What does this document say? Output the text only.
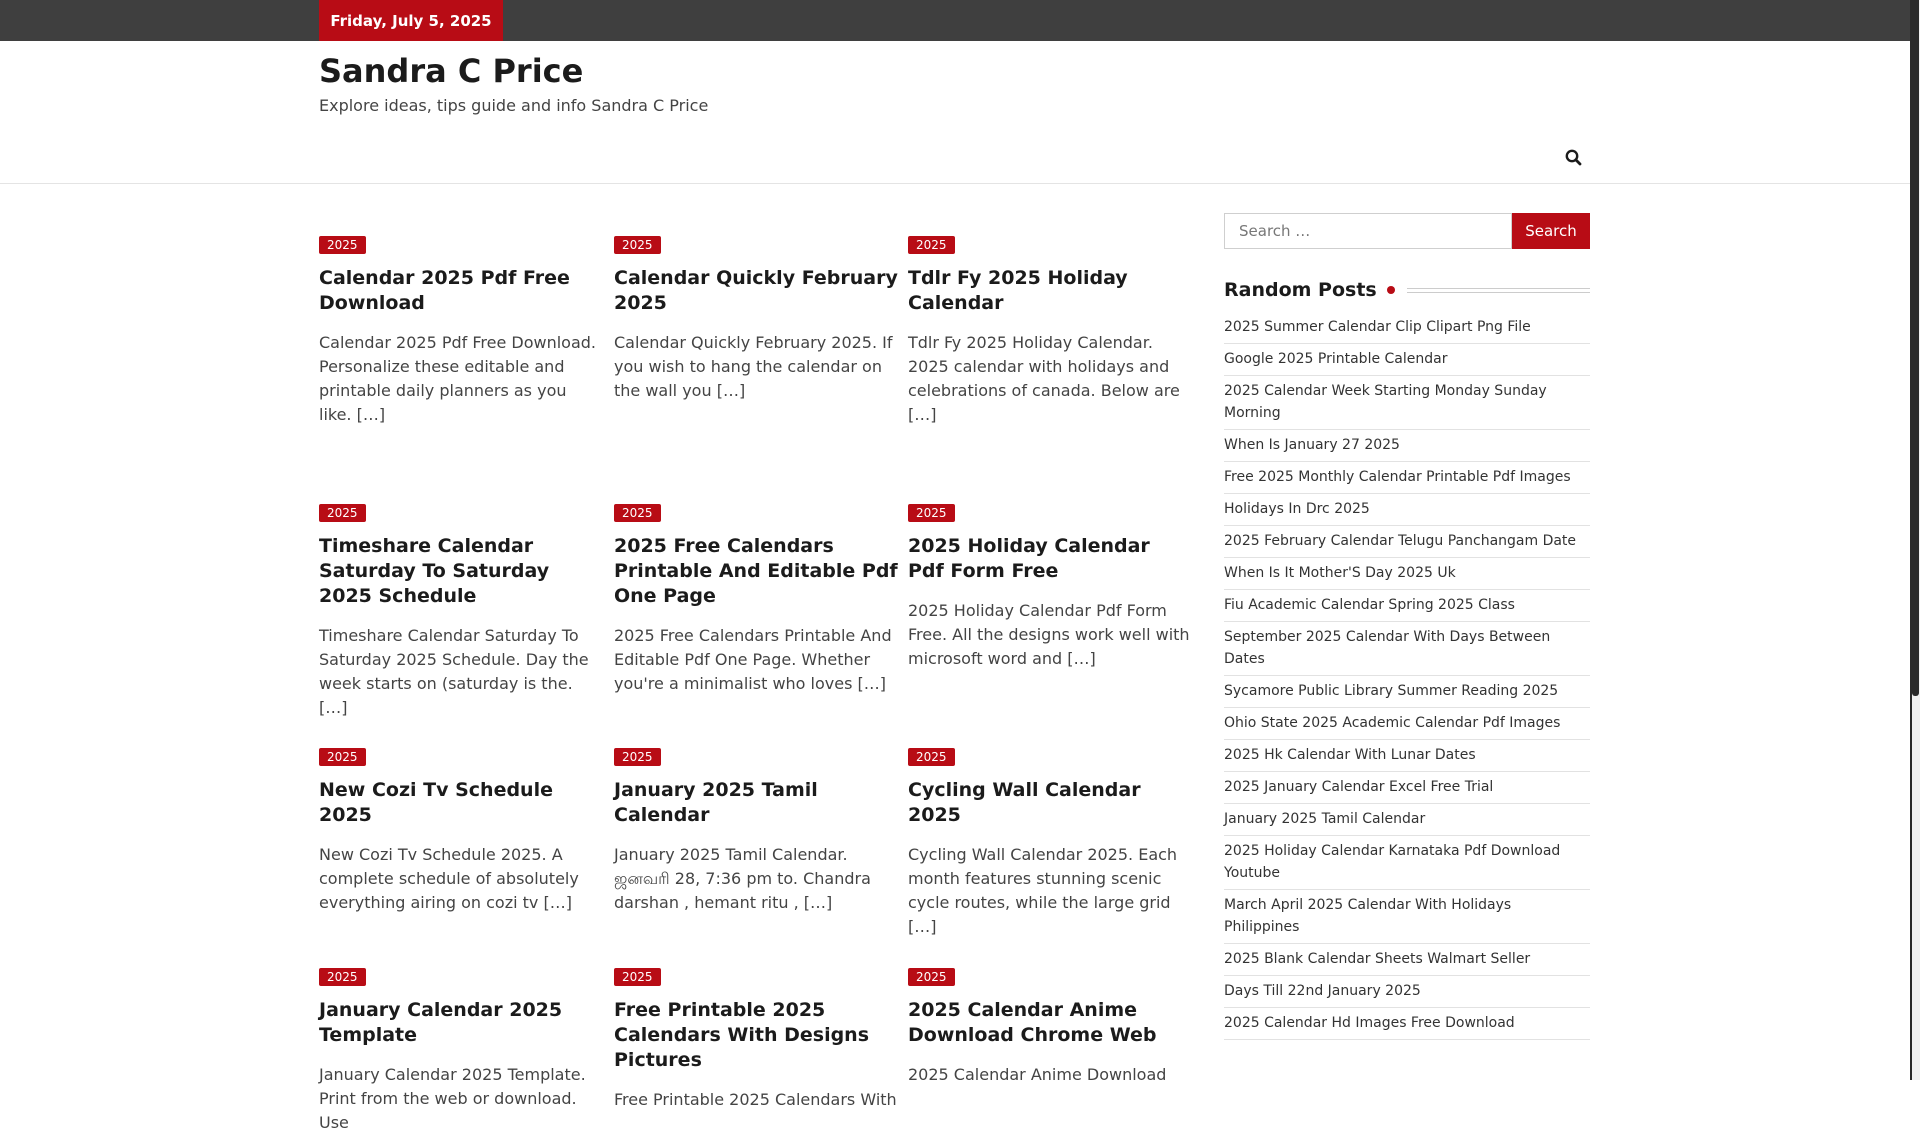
Friday, July 5, 2025
Sandra C Price

Explore ideas, tips guide and info Sandra C Price

2025
Calendar 2025 Pdf Free Download

Calendar 2025 Pdf Free Download. Personalize these editable and printable daily planners as you like. […]

2025
Calendar Quickly February 2025

Calendar Quickly February 2025. If you wish to hang the calendar on the wall you […]

2025
Tdlr Fy 2025 Holiday Calendar

Tdlr Fy 2025 Holiday Calendar. 2025 calendar with holidays and celebrations of canada. Below are […]

2025
Timeshare Calendar Saturday To Saturday 2025 Schedule

Timeshare Calendar Saturday To Saturday 2025 Schedule. Day the week starts on (saturday is the. […]

2025
2025 Free Calendars Printable And Editable Pdf One Page

2025 Free Calendars Printable And Editable Pdf One Page. Whether you're a minimalist who loves […]

2025
2025 Holiday Calendar Pdf Form Free

2025 Holiday Calendar Pdf Form Free. All the designs work well with microsoft word and […]

2025
New Cozi Tv Schedule 2025

New Cozi Tv Schedule 2025. A complete schedule of absolutely everything airing on cozi tv […]

2025
January 2025 Tamil Calendar

January 2025 Tamil Calendar. ஜனவரி 28, 7:36 pm to. Chandra darshan , hemant ritu , […]

2025
Cycling Wall Calendar 2025

Cycling Wall Calendar 2025. Each month features stunning scenic cycle routes, while the large grid […]

2025
January Calendar 2025 Template

January Calendar 2025 Template. Print from the web or download. Use

2025
Free Printable 2025 Calendars With Designs Pictures

Free Printable 2025 Calendars With

2025
2025 Calendar Anime Download Chrome Web

2025 Calendar Anime Download

Search …
Search
Random Posts
2025 Summer Calendar Clip Clipart Png File
Google 2025 Printable Calendar
2025 Calendar Week Starting Monday Sunday Morning
When Is January 27 2025
Free 2025 Monthly Calendar Printable Pdf Images
Holidays In Drc 2025
2025 February Calendar Telugu Panchangam Date
When Is It Mother'S Day 2025 Uk
Fiu Academic Calendar Spring 2025 Class
September 2025 Calendar With Days Between Dates
Sycamore Public Library Summer Reading 2025
Ohio State 2025 Academic Calendar Pdf Images
2025 Hk Calendar With Lunar Dates
2025 January Calendar Excel Free Trial
January 2025 Tamil Calendar
2025 Holiday Calendar Karnataka Pdf Download Youtube
March April 2025 Calendar With Holidays Philippines
2025 Blank Calendar Sheets Walmart Seller
Days Till 22nd January 2025
2025 Calendar Hd Images Free Download
